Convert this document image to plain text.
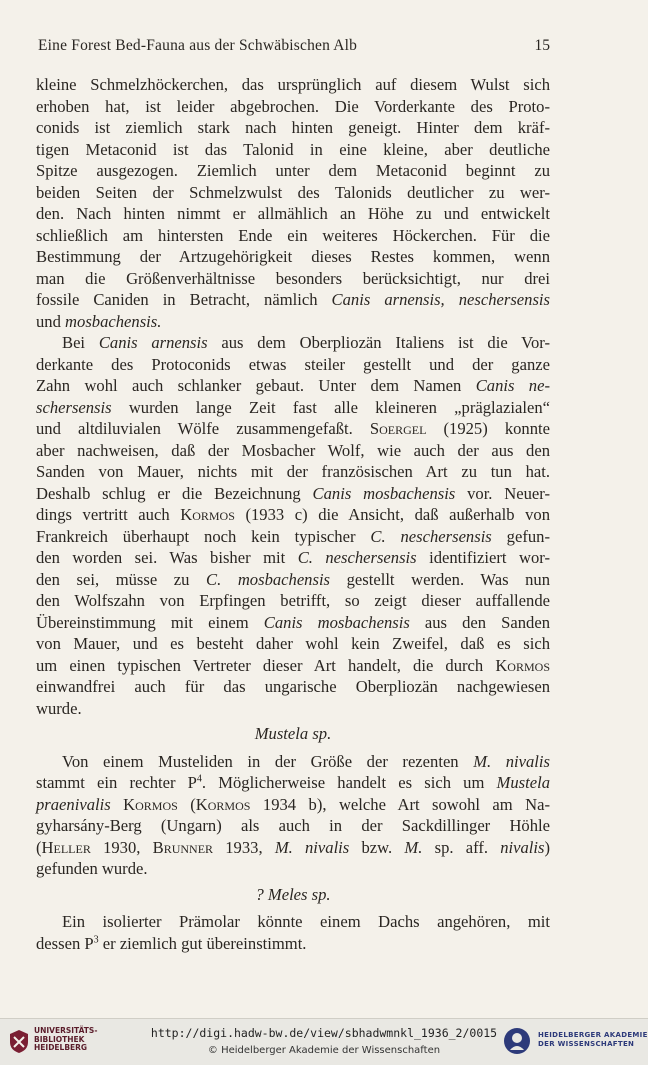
Eine Forest Bed-Fauna aus der Schwäbischen Alb	15
kleine Schmelzhöckerchen, das ursprünglich auf diesem Wulst sich
erhoben hat, ist leider abgebrochen. Die Vorderkante des Proto-
conids ist ziemlich stark nach hinten geneigt. Hinter dem kräf-
tigen Metaconid ist das Talonid in eine kleine, aber deutliche
Spitze ausgezogen. Ziemlich unter dem Metaconid beginnt zu
beiden Seiten der Schmelzwulst des Talonids deutlicher zu wer-
den. Nach hinten nimmt er allmählich an Höhe zu und entwickelt
schließlich am hintersten Ende ein weiteres Höckerchen. Für die
Bestimmung der Artzugehörigkeit dieses Restes kommen, wenn
man die Größenverhältnisse besonders berücksichtigt, nur drei
fossile Caniden in Betracht, nämlich Canis arnensis, neschersensis
und mosbachensis.
Bei Canis arnensis aus dem Oberpliozän Italiens ist die Vor-
derkante des Protoconids etwas steiler gestellt und der ganze
Zahn wohl auch schlanker gebaut. Unter dem Namen Canis ne-
schersensis wurden lange Zeit fast alle kleineren „präglazialen“
und altdiluvialen Wölfe zusammengefaßt. Soergel (1925) konnte
aber nachweisen, daß der Mosbacher Wolf, wie auch der aus den
Sanden von Mauer, nichts mit der französischen Art zu tun hat.
Deshalb schlug er die Bezeichnung Canis mosbachensis vor. Neuer-
dings vertritt auch Kormos (1933 c) die Ansicht, daß außerhalb von
Frankreich überhaupt noch kein typischer C. neschersensis gefun-
den worden sei. Was bisher mit C. neschersensis identifiziert wor-
den sei, müsse zu C. mosbachensis gestellt werden. Was nun
den Wolfszahn von Erpfingen betrifft, so zeigt dieser auffallende
Übereinstimmung mit einem Canis mosbachensis aus den Sanden
von Mauer, und es besteht daher wohl kein Zweifel, daß es sich
um einen typischen Vertreter dieser Art handelt, die durch Kormos
einwandfrei auch für das ungarische Oberpliozän nachgewiesen
wurde.
Mustela sp.
Von einem Musteliden in der Größe der rezenten M. nivalis
stammt ein rechter $P^4$. Möglicherweise handelt es sich um Mustela
praenivalis Kormos (Kormos 1934 b), welche Art sowohl am Na-
gyharsány-Berg (Ungarn) als auch in der Sackdillinger Höhle
(Heller 1930, Brunner 1933, M. nivalis bzw. M. sp. aff. nivalis)
gefunden wurde.
? Meles sp.
Ein isolierter Prämolar könnte einem Dachs angehören, mit
dessen $P^3$ er ziemlich gut übereinstimmt.
UNIVERSITÄTS-
BIBLIOTHEK
HEIDELBERG
http://digi.hadw-bw.de/view/sbhadwmnkl_1936_2/0015
© Heidelberger Akademie der Wissenschaften
HEIDELBERGER AKADEMIE
DER WISSENSCHAFTEN
